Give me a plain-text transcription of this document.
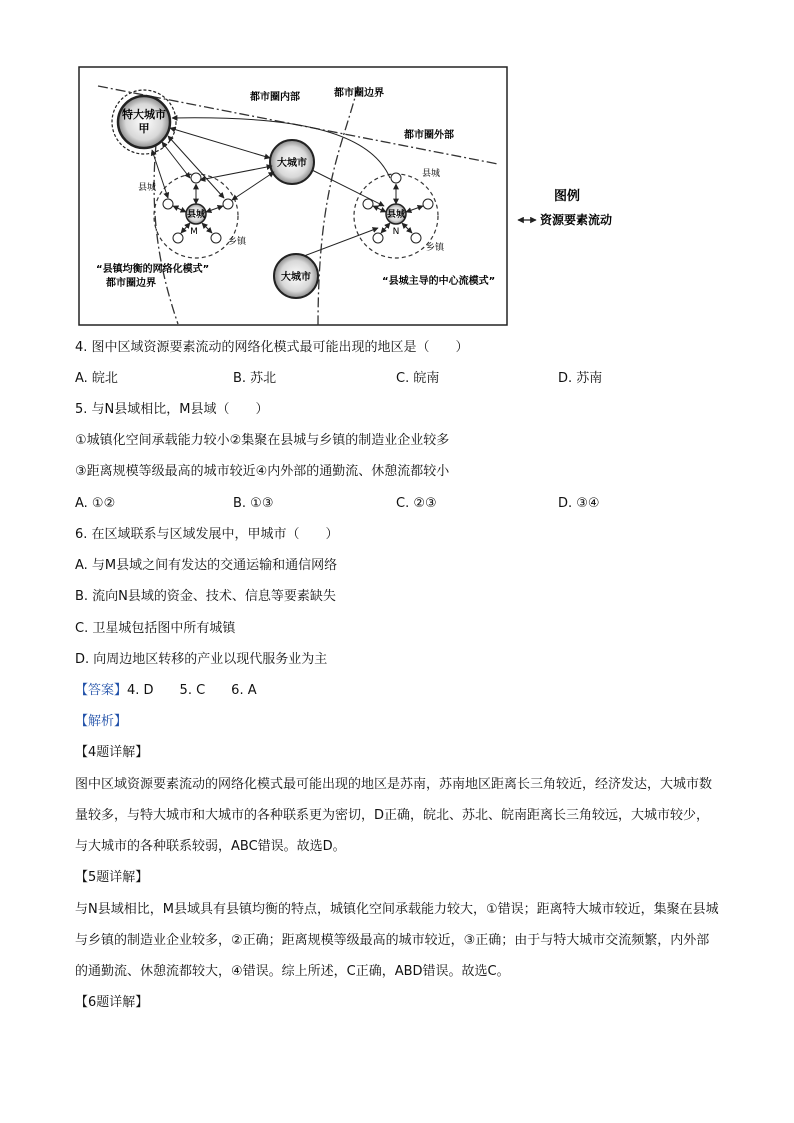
特大城市
甲
大城市
大城市
县城
M
县城
乡镇
县城
N
县城
乡镇
都市圈内部	都市圈边界
都市圈外部
“县镇均衡的网络化模式”
都市圈边界	“县城主导的中心流模式”
图例
资源要素流动
4. 图中区域资源要素流动的网络化模式最可能出现的地区是（　　）
A. 皖北	B. 苏北	C. 皖南	D. 苏南
5. 与N县域相比，M县域（　　）
①城镇化空间承载能力较小②集聚在县城与乡镇的制造业企业较多
③距离规模等级最高的城市较近④内外部的通勤流、休憩流都较小
A. ①②	B. ①③	C. ②③	D. ③④
6. 在区域联系与区域发展中，甲城市（　　）
A. 与M县域之间有发达的交通运输和通信网络
B. 流向N县域的资金、技术、信息等要素缺失
C. 卫星城包括图中所有城镇
D. 向周边地区转移的产业以现代服务业为主
【答案】4. D　　5. C　　6. A
【解析】
【4题详解】
图中区域资源要素流动的网络化模式最可能出现的地区是苏南，苏南地区距离长三角较近，经济发达，大城市数量较多，与特大城市和大城市的各种联系更为密切，D正确，皖北、苏北、皖南距离长三角较远，大城市较少，与大城市的各种联系较弱，ABC错误。故选D。
【5题详解】
与N县域相比，M县域具有县镇均衡的特点，城镇化空间承载能力较大，①错误；距离特大城市较近，集聚在县城与乡镇的制造业企业较多，②正确；距离规模等级最高的城市较近，③正确；由于与特大城市交流频繁，内外部的通勤流、休憩流都较大，④错误。综上所述，C正确，ABD错误。故选C。
【6题详解】
